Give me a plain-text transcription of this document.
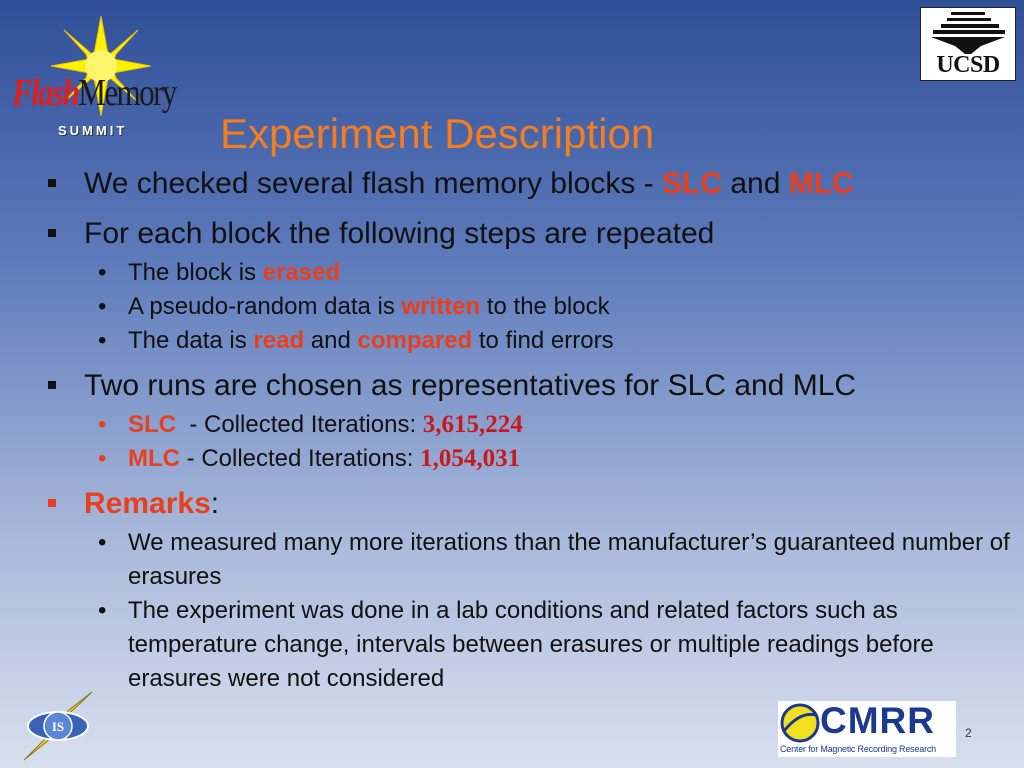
FlashMemory
SUMMIT
UCSD
Experiment Description
We checked several flash memory blocks - SLC and MLC
For each block the following steps are repeated
• The block is erased
• A pseudo-random data is written to the block
• The data is read and compared to find errors
Two runs are chosen as representatives for SLC and MLC
• SLC  - Collected Iterations: 3,615,224
• MLC - Collected Iterations: 1,054,031
Remarks:
• We measured many more iterations than the manufacturer’s guaranteed number of erasures
• The experiment was done in a lab conditions and related factors such as temperature change, intervals between erasures or multiple readings before erasures were not considered
IS	CMRR
Center for Magnetic Recording Research
2
